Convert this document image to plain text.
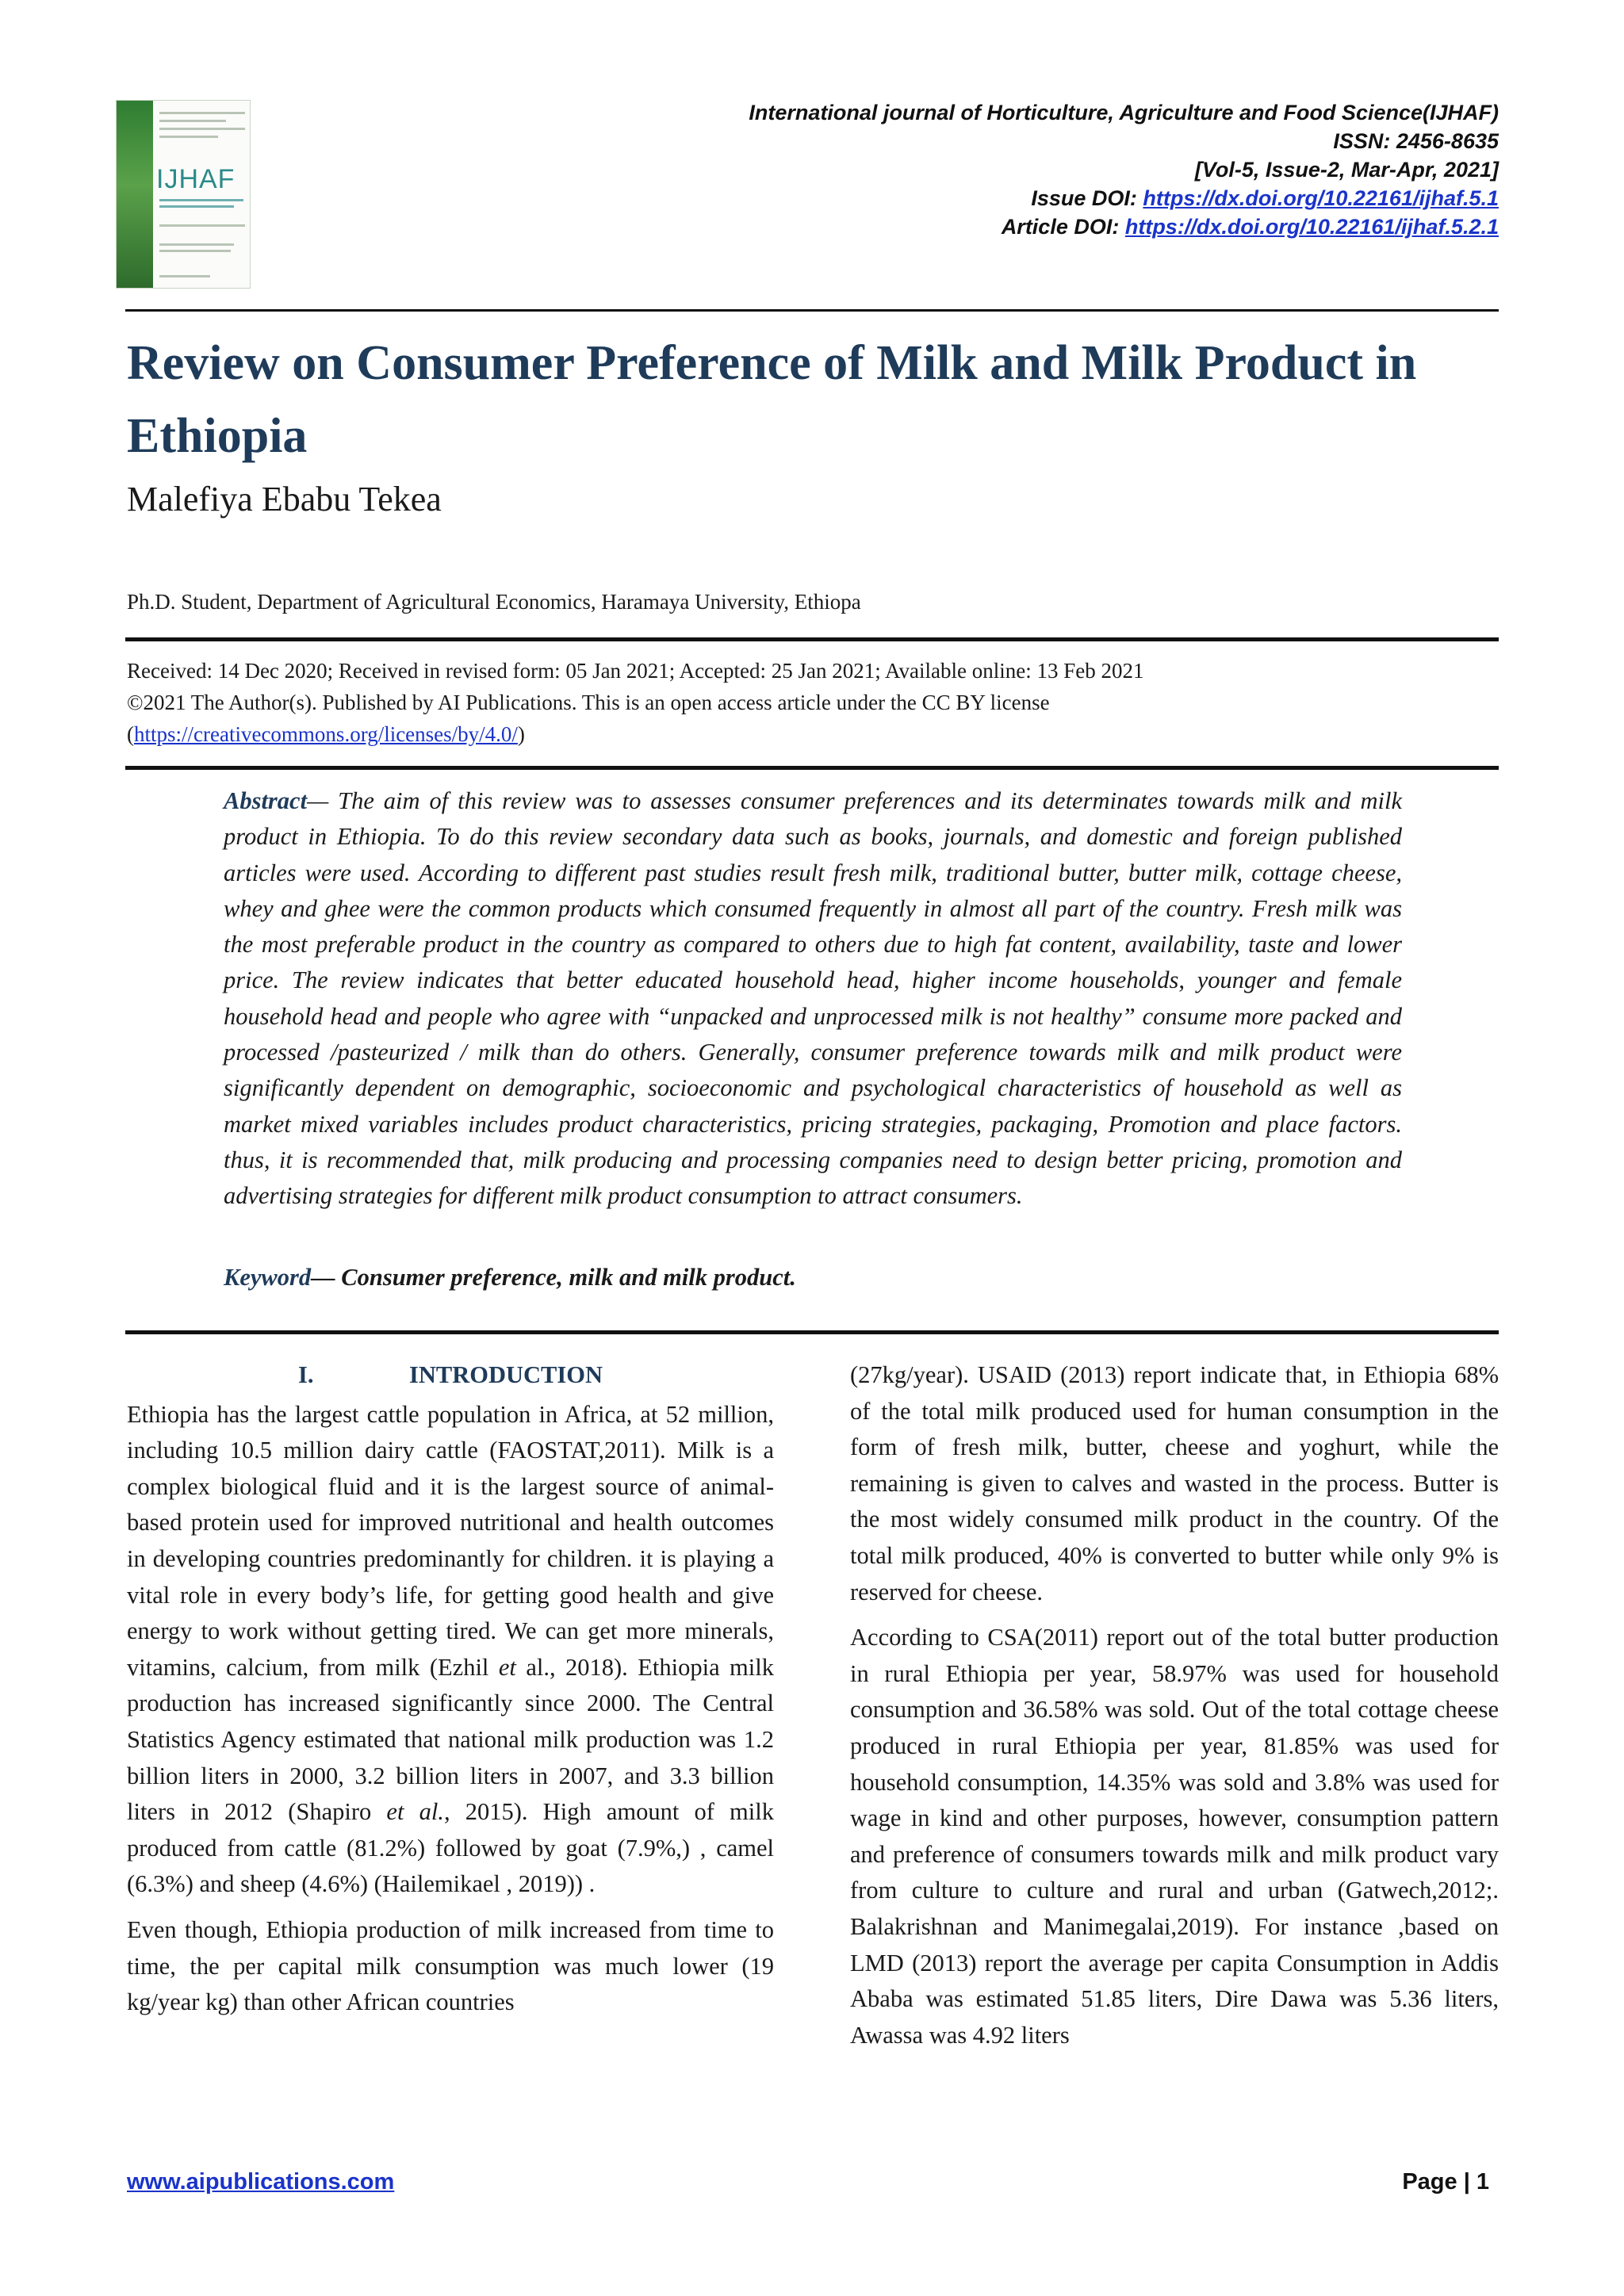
IJHAF
International journal of Horticulture, Agriculture and Food Science(IJHAF)
ISSN: 2456-8635
[Vol-5, Issue-2, Mar-Apr, 2021]
Issue DOI: https://dx.doi.org/10.22161/ijhaf.5.1
Article DOI: https://dx.doi.org/10.22161/ijhaf.5.2.1
Review on Consumer Preference of Milk and Milk Product in Ethiopia
Malefiya Ebabu Tekea
Ph.D. Student, Department of Agricultural Economics, Haramaya University, Ethiopa
Received: 14 Dec 2020; Received in revised form: 05 Jan 2021; Accepted: 25 Jan 2021; Available online: 13 Feb 2021
©2021 The Author(s). Published by AI Publications. This is an open access article under the CC BY license
(https://creativecommons.org/licenses/by/4.0/)
Abstract— The aim of this review was to assesses consumer preferences and its determinates towards milk and milk product in Ethiopia. To do this review secondary data such as books, journals, and domestic and foreign published articles were used. According to different past studies result fresh milk, traditional butter, butter milk, cottage cheese, whey and ghee were the common products which consumed frequently in almost all part of the country. Fresh milk was the most preferable product in the country as compared to others due to high fat content, availability, taste and lower price. The review indicates that better educated household head, higher income households, younger and female household head and people who agree with “unpacked and unprocessed milk is not healthy” consume more packed and processed /pasteurized / milk than do others. Generally, consumer preference towards milk and milk product were significantly dependent on demographic, socioeconomic and psychological characteristics of household as well as market mixed variables includes product characteristics, pricing strategies, packaging, Promotion and place factors. thus, it is recommended that, milk producing and processing companies need to design better pricing, promotion and advertising strategies for different milk product consumption to attract consumers.
Keyword— Consumer preference, milk and milk product.
I.	INTRODUCTION

Ethiopia has the largest cattle population in Africa, at 52 million, including 10.5 million dairy cattle (FAOSTAT,2011). Milk is a complex biological fluid and it is the largest source of animal-based protein used for improved nutritional and health outcomes in developing countries predominantly for children. it is playing a vital role in every body’s life, for getting good health and give energy to work without getting tired. We can get more minerals, vitamins, calcium, from milk (Ezhil et al., 2018). Ethiopia milk production has increased significantly since 2000. The Central Statistics Agency estimated that national milk production was 1.2 billion liters in 2000, 3.2 billion liters in 2007, and 3.3 billion liters in 2012 (Shapiro et al., 2015). High amount of milk produced from cattle (81.2%) followed by goat (7.9%,) , camel (6.3%) and sheep (4.6%) (Hailemikael , 2019)) .

Even though, Ethiopia production of milk increased from time to time, the per capital milk consumption was much lower (19 kg/year kg) than other African countries

(27kg/year). USAID (2013) report indicate that, in Ethiopia 68% of the total milk produced used for human consumption in the form of fresh milk, butter, cheese and yoghurt, while the remaining is given to calves and wasted in the process. Butter is the most widely consumed milk product in the country. Of the total milk produced, 40% is converted to butter while only 9% is reserved for cheese.

According to CSA(2011) report out of the total butter production in rural Ethiopia per year, 58.97% was used for household consumption and 36.58% was sold. Out of the total cottage cheese produced in rural Ethiopia per year, 81.85% was used for household consumption, 14.35% was sold and 3.8% was used for wage in kind and other purposes, however, consumption pattern and preference of consumers towards milk and milk product vary from culture to culture and rural and urban (Gatwech,2012;. Balakrishnan and Manimegalai,2019). For instance ,based on LMD (2013) report the average per capita Consumption in Addis Ababa was estimated 51.85 liters, Dire Dawa was 5.36 liters, Awassa was 4.92 liters

www.aipublications.com	Page | 1
